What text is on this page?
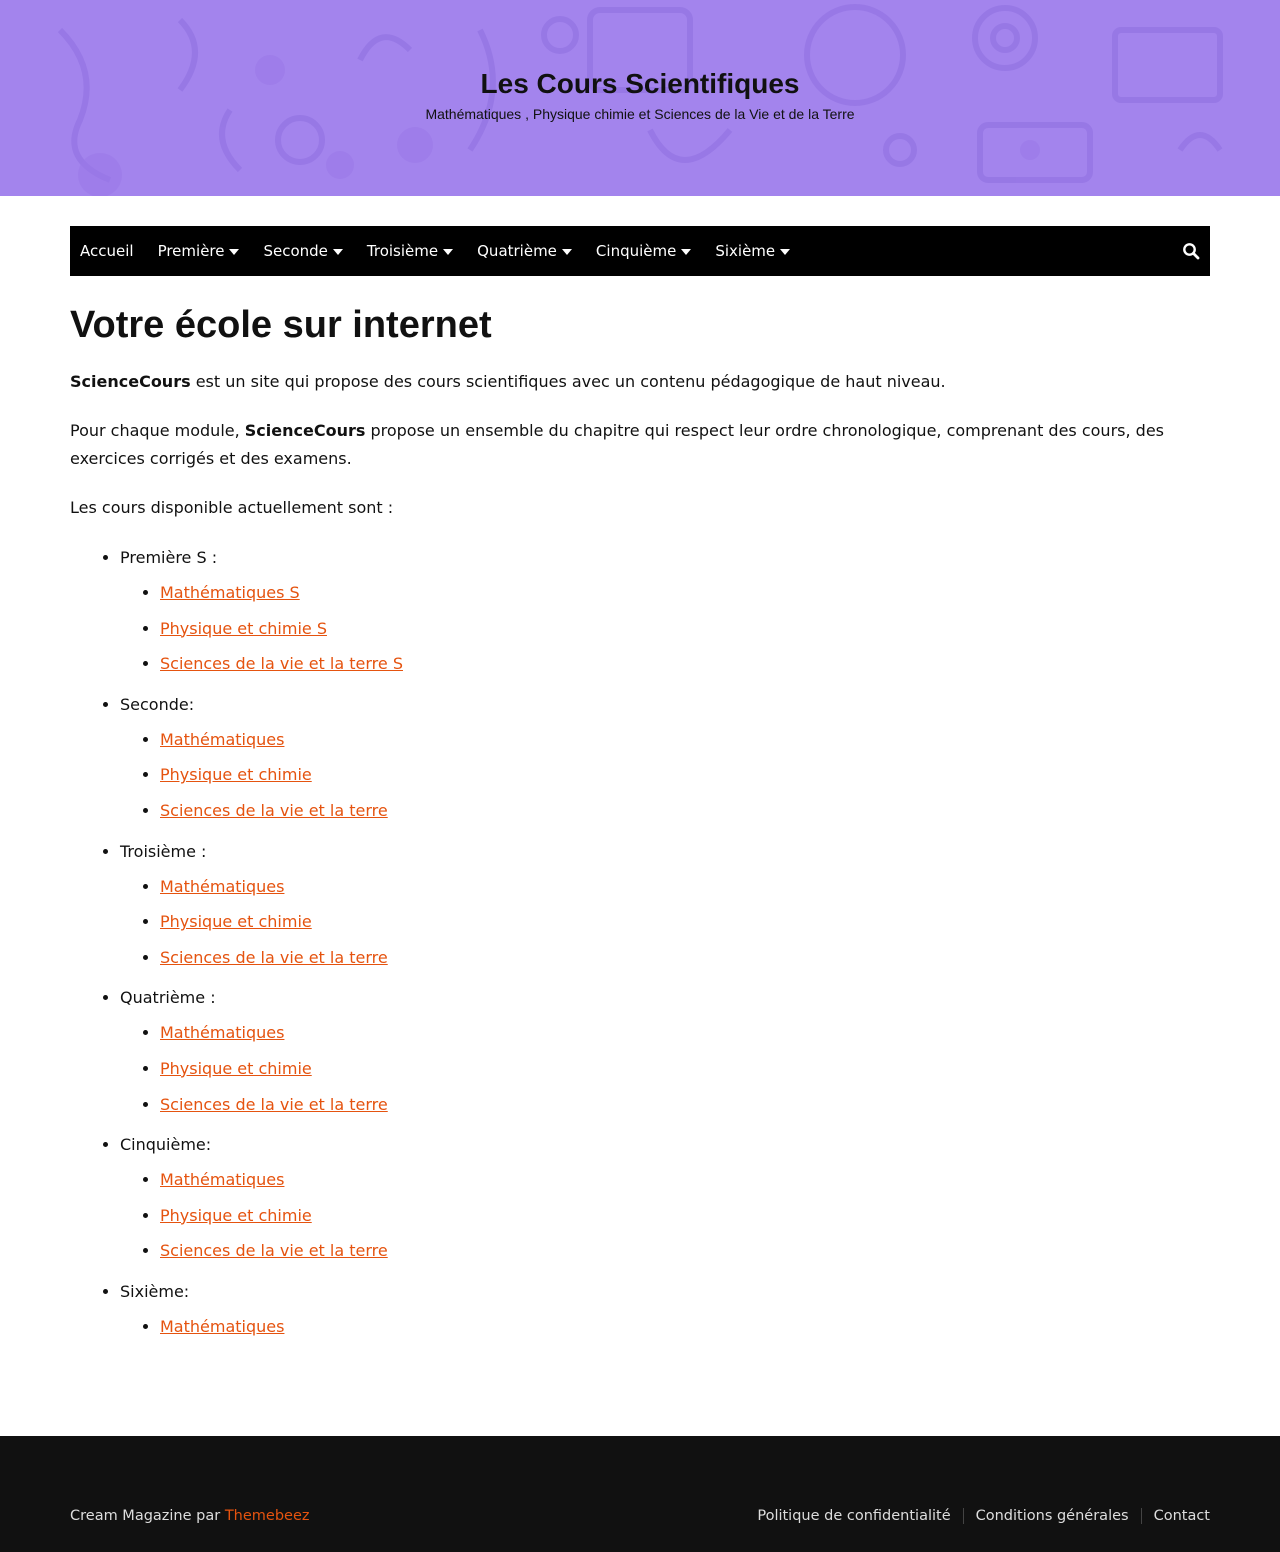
Les Cours Scientifiques
Mathématiques , Physique chimie et Sciences de la Vie et de la Terre
Accueil Première	Seconde	Troisième	Quatrième	Cinquième	Sixième
Votre école sur internet

ScienceCours est un site qui propose des cours scientifiques avec un contenu pédagogique de haut niveau.

Pour chaque module, ScienceCours propose un ensemble du chapitre qui respect leur ordre chronologique, comprenant des cours, des exercices corrigés et des examens.

Les cours disponible actuellement sont :

• Première S :
• Mathématiques S
• Physique et chimie S
• Sciences de la vie et la terre S
• Seconde:
• Mathématiques
• Physique et chimie
• Sciences de la vie et la terre
• Troisième :
• Mathématiques
• Physique et chimie
• Sciences de la vie et la terre
• Quatrième :
• Mathématiques
• Physique et chimie
• Sciences de la vie et la terre
• Cinquième:
• Mathématiques
• Physique et chimie
• Sciences de la vie et la terre
• Sixième:
• Mathématiques
Cream Magazine par Themebeez	Politique de confidentialité	Conditions générales	Contact
